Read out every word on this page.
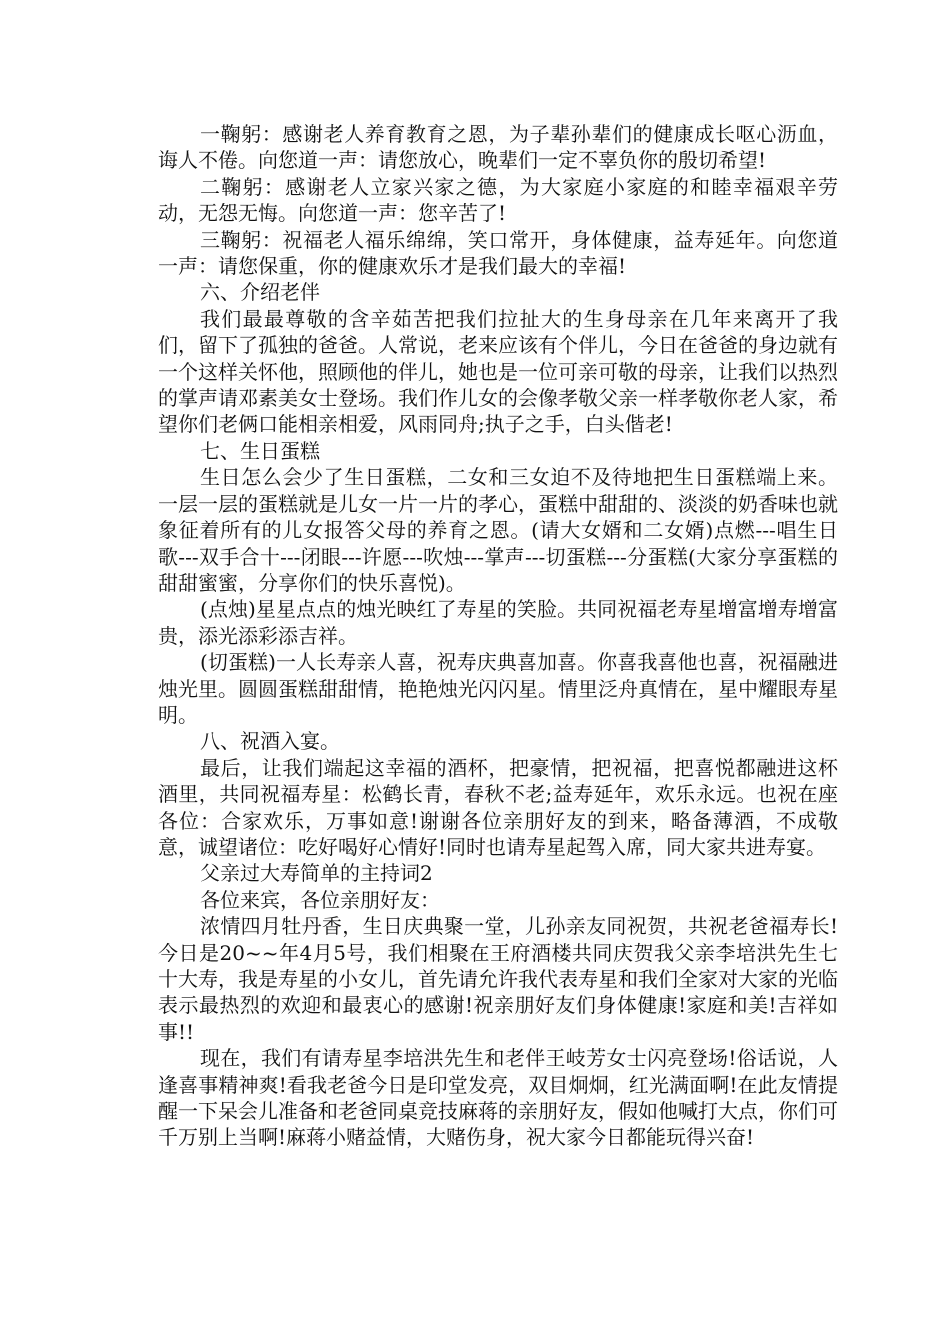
一鞠躬：感谢老人养育教育之恩，为子辈孙辈们的健康成长呕心沥血，诲人不倦。向您道一声：请您放心，晚辈们一定不辜负你的殷切希望!

二鞠躬：感谢老人立家兴家之德，为大家庭小家庭的和睦幸福艰辛劳动，无怨无悔。向您道一声：您辛苦了!

三鞠躬：祝福老人福乐绵绵，笑口常开，身体健康，益寿延年。向您道一声：请您保重，你的健康欢乐才是我们最大的幸福!

六、介绍老伴

我们最最尊敬的含辛茹苦把我们拉扯大的生身母亲在几年来离开了我们，留下了孤独的爸爸。人常说，老来应该有个伴儿，今日在爸爸的身边就有一个这样关怀他，照顾他的伴儿，她也是一位可亲可敬的母亲，让我们以热烈的掌声请邓素美女士登场。我们作儿女的会像孝敬父亲一样孝敬你老人家，希望你们老俩口能相亲相爱，风雨同舟;执子之手，白头偕老!

七、生日蛋糕

生日怎么会少了生日蛋糕，二女和三女迫不及待地把生日蛋糕端上来。一层一层的蛋糕就是儿女一片一片的孝心，蛋糕中甜甜的、淡淡的奶香味也就象征着所有的儿女报答父母的养育之恩。(请大女婿和二女婿)点燃---唱生日歌---双手合十---闭眼---许愿---吹烛---掌声---切蛋糕---分蛋糕(大家分享蛋糕的甜甜蜜蜜，分享你们的快乐喜悦)。

(点烛)星星点点的烛光映红了寿星的笑脸。共同祝福老寿星增富增寿增富贵，添光添彩添吉祥。

(切蛋糕)一人长寿亲人喜，祝寿庆典喜加喜。你喜我喜他也喜，祝福融进烛光里。圆圆蛋糕甜甜情，艳艳烛光闪闪星。情里泛舟真情在，星中耀眼寿星明。

八、祝酒入宴。

最后，让我们端起这幸福的酒杯，把豪情，把祝福，把喜悦都融进这杯酒里，共同祝福寿星：松鹤长青，春秋不老;益寿延年，欢乐永远。也祝在座各位：合家欢乐，万事如意!谢谢各位亲朋好友的到来，略备薄酒，不成敬意，诚望诸位：吃好喝好心情好!同时也请寿星起驾入席，同大家共进寿宴。

父亲过大寿简单的主持词2

各位来宾，各位亲朋好友：

浓情四月牡丹香，生日庆典聚一堂，儿孙亲友同祝贺，共祝老爸福寿长!今日是20~~年4月5号，我们相聚在王府酒楼共同庆贺我父亲李培洪先生七十大寿，我是寿星的小女儿，首先请允许我代表寿星和我们全家对大家的光临表示最热烈的欢迎和最衷心的感谢!祝亲朋好友们身体健康!家庭和美!吉祥如事!!

现在，我们有请寿星李培洪先生和老伴王岐芳女士闪亮登场!俗话说，人逢喜事精神爽!看我老爸今日是印堂发亮，双目炯炯，红光满面啊!在此友情提醒一下呆会儿准备和老爸同桌竞技麻蒋的亲朋好友，假如他喊打大点，你们可千万别上当啊!麻蒋小赌益情，大赌伤身，祝大家今日都能玩得兴奋!
